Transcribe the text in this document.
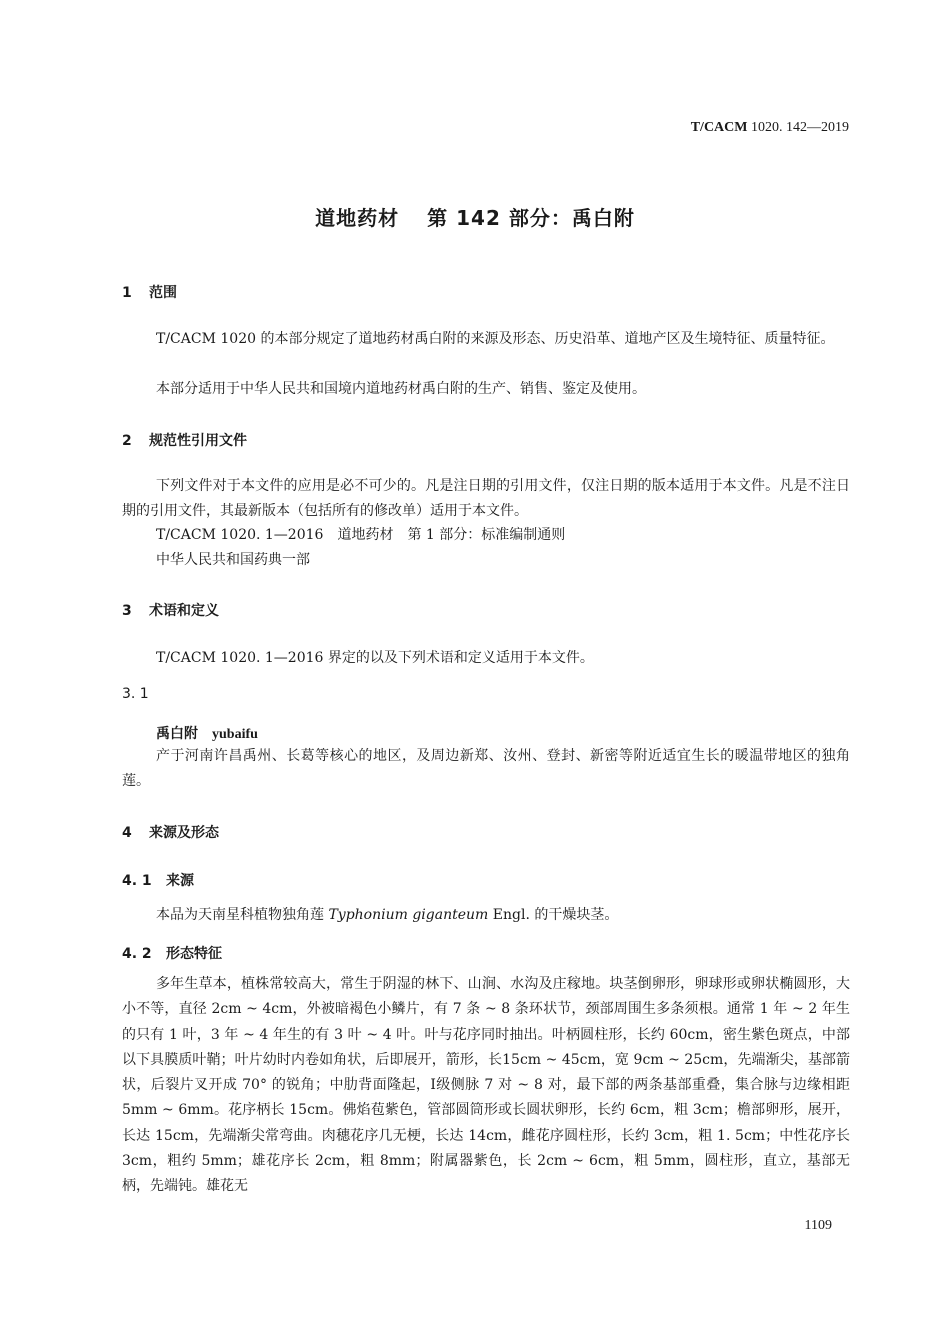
T/CACM 1020. 142—2019
道地药材 第 142 部分：禹白附
1 范围
T/CACM 1020 的本部分规定了道地药材禹白附的来源及形态、历史沿革、道地产区及生境特征、质量特征。
本部分适用于中华人民共和国境内道地药材禹白附的生产、销售、鉴定及使用。
2 规范性引用文件
下列文件对于本文件的应用是必不可少的。凡是注日期的引用文件，仅注日期的版本适用于本文件。凡是不注日期的引用文件，其最新版本（包括所有的修改单）适用于本文件。
T/CACM 1020. 1—2016 道地药材 第 1 部分：标准编制通则
中华人民共和国药典一部
3 术语和定义
T/CACM 1020. 1—2016 界定的以及下列术语和定义适用于本文件。
3. 1
禹白附 yubaifu
产于河南许昌禹州、长葛等核心的地区，及周边新郑、汝州、登封、新密等附近适宜生长的暖温带地区的独角莲。
4 来源及形态
4. 1 来源
本品为天南星科植物独角莲 Typhonium giganteum Engl. 的干燥块茎。
4. 2 形态特征
多年生草本，植株常较高大，常生于阴湿的林下、山涧、水沟及庄稼地。块茎倒卵形，卵球形或卵状椭圆形，大小不等，直径 2cm ~ 4cm，外被暗褐色小鳞片，有 7 条 ~ 8 条环状节，颈部周围生多条须根。通常 1 年 ~ 2 年生的只有 1 叶，3 年 ~ 4 年生的有 3 叶 ~ 4 叶。叶与花序同时抽出。叶柄圆柱形，长约 60cm，密生紫色斑点，中部以下具膜质叶鞘；叶片幼时内卷如角状，后即展开，箭形，长15cm ~ 45cm，宽 9cm ~ 25cm，先端渐尖，基部箭状，后裂片叉开成 70° 的锐角；中肋背面隆起，Ⅰ级侧脉 7 对 ~ 8 对，最下部的两条基部重叠，集合脉与边缘相距 5mm ~ 6mm。花序柄长 15cm。佛焰苞紫色，管部圆筒形或长圆状卵形，长约 6cm，粗 3cm；檐部卵形，展开，长达 15cm，先端渐尖常弯曲。肉穗花序几无梗，长达 14cm，雌花序圆柱形，长约 3cm，粗 1. 5cm；中性花序长 3cm，粗约 5mm；雄花序长 2cm，粗 8mm；附属器紫色，长 2cm ~ 6cm，粗 5mm，圆柱形，直立，基部无柄，先端钝。雄花无
1109
